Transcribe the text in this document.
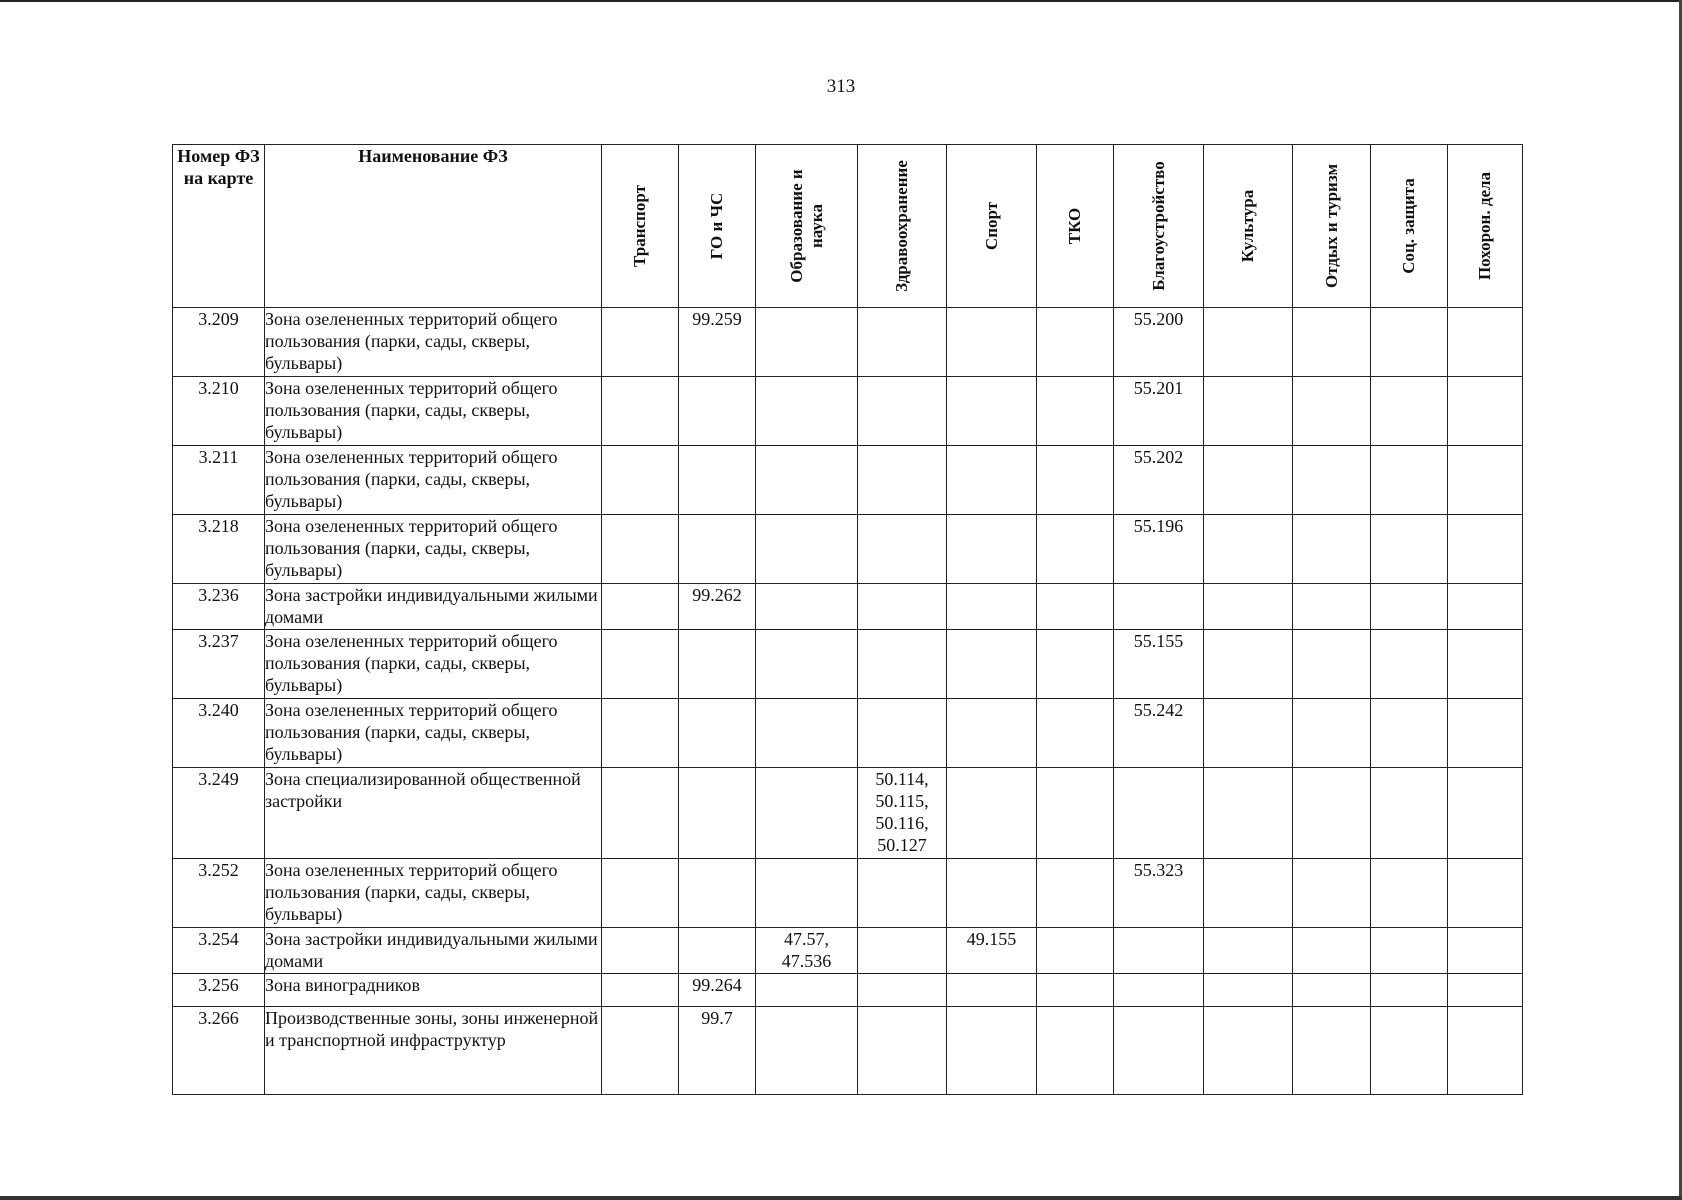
313
Номер ФЗ на карте	Наименование ФЗ	Транспорт	ГО и ЧС	Образование и наука	Здравоохранение	Спорт	ТКО	Благоустройство	Культура	Отдых и туризм	Соц. защита	Похорон. дела

3.209	Зона озелененных территорий общего пользования (парки, сады, скверы, бульвары)		99.259					55.200				
3.210	Зона озелененных территорий общего пользования (парки, сады, скверы, бульвары)							55.201				
3.211	Зона озелененных территорий общего пользования (парки, сады, скверы, бульвары)							55.202				
3.218	Зона озелененных территорий общего пользования (парки, сады, скверы, бульвары)							55.196				
3.236	Зона застройки индивидуальными жилыми домами		99.262									
3.237	Зона озелененных территорий общего пользования (парки, сады, скверы, бульвары)							55.155				
3.240	Зона озелененных территорий общего пользования (парки, сады, скверы, бульвары)							55.242				
3.249	Зона специализированной общественной застройки				50.114, 50.115, 50.116, 50.127							
3.252	Зона озелененных территорий общего пользования (парки, сады, скверы, бульвары)							55.323				
3.254	Зона застройки индивидуальными жилыми домами			47.57, 47.536		49.155						
3.256	Зона виноградников		99.264									
3.266	Производственные зоны, зоны инженерной и транспортной инфраструктур		99.7									
